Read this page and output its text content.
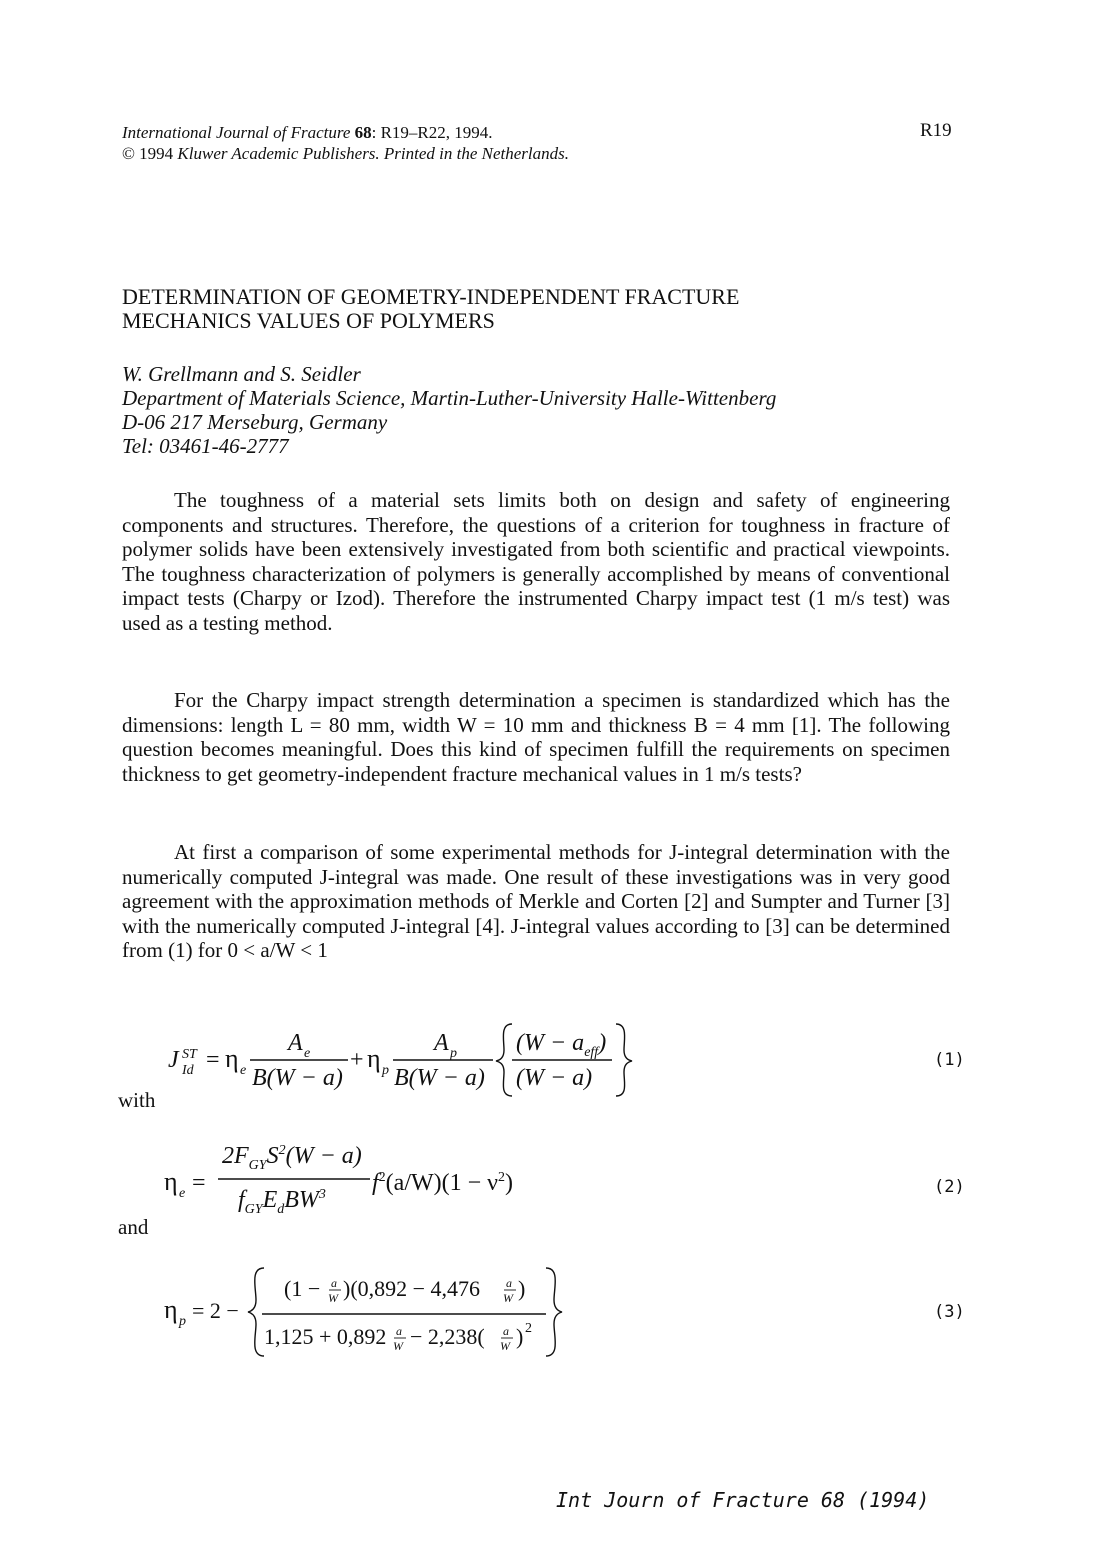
International Journal of Fracture 68: R19–R22, 1994.
© 1994 Kluwer Academic Publishers. Printed in the Netherlands.
R19
DETERMINATION OF GEOMETRY-INDEPENDENT FRACTURE
MECHANICS VALUES OF POLYMERS
W. Grellmann and S. Seidler
Department of Materials Science, Martin-Luther-University Halle-Wittenberg
D-06 217 Merseburg, Germany
Tel: 03461-46-2777
The toughness of a material sets limits both on design and safety of engineering components and structures. Therefore, the questions of a criterion for toughness in fracture of polymer solids have been extensively investigated from both scientific and practical viewpoints. The toughness characterization of polymers is generally accomplished by means of conventional impact tests (Charpy or Izod). Therefore the instrumented Charpy impact test (1 m/s test) was used as a testing method.
For the Charpy impact strength determination a specimen is standardized which has the dimensions: length L = 80 mm, width W = 10 mm and thickness B = 4 mm [1]. The following question becomes meaningful. Does this kind of specimen fulfill the requirements on specimen thickness to get geometry-independent fracture mechanical values in 1 m/s tests?
At first a comparison of some experimental methods for J-integral determination with the numerically computed J-integral was made. One result of these investigations was in very good agreement with the approximation methods of Merkle and Corten [2] and Sumpter and Turner [3] with the numerically computed J-integral [4]. J-integral values according to [3] can be determined from (1) for 0 < a/W < 1
J ST
Id = η e
A e
B(W − a)
+ η p
A p
B(W − a)
$(W - a_{eff})$
(W − a)
(1)
with
η e =
$2F_{GY}S^2(W - a)$
$f_{GY}E_dBW^3$ $f^2(a/W)(1 - \nu^2)$	(2)
and
η p = 2 −
(1 − a
W )(0,892 − 4,476 a
W )
1,125 + 0,892 a
W − 2,238( a
W ) 2
(3)
Int Journ of Fracture 68 (1994)
